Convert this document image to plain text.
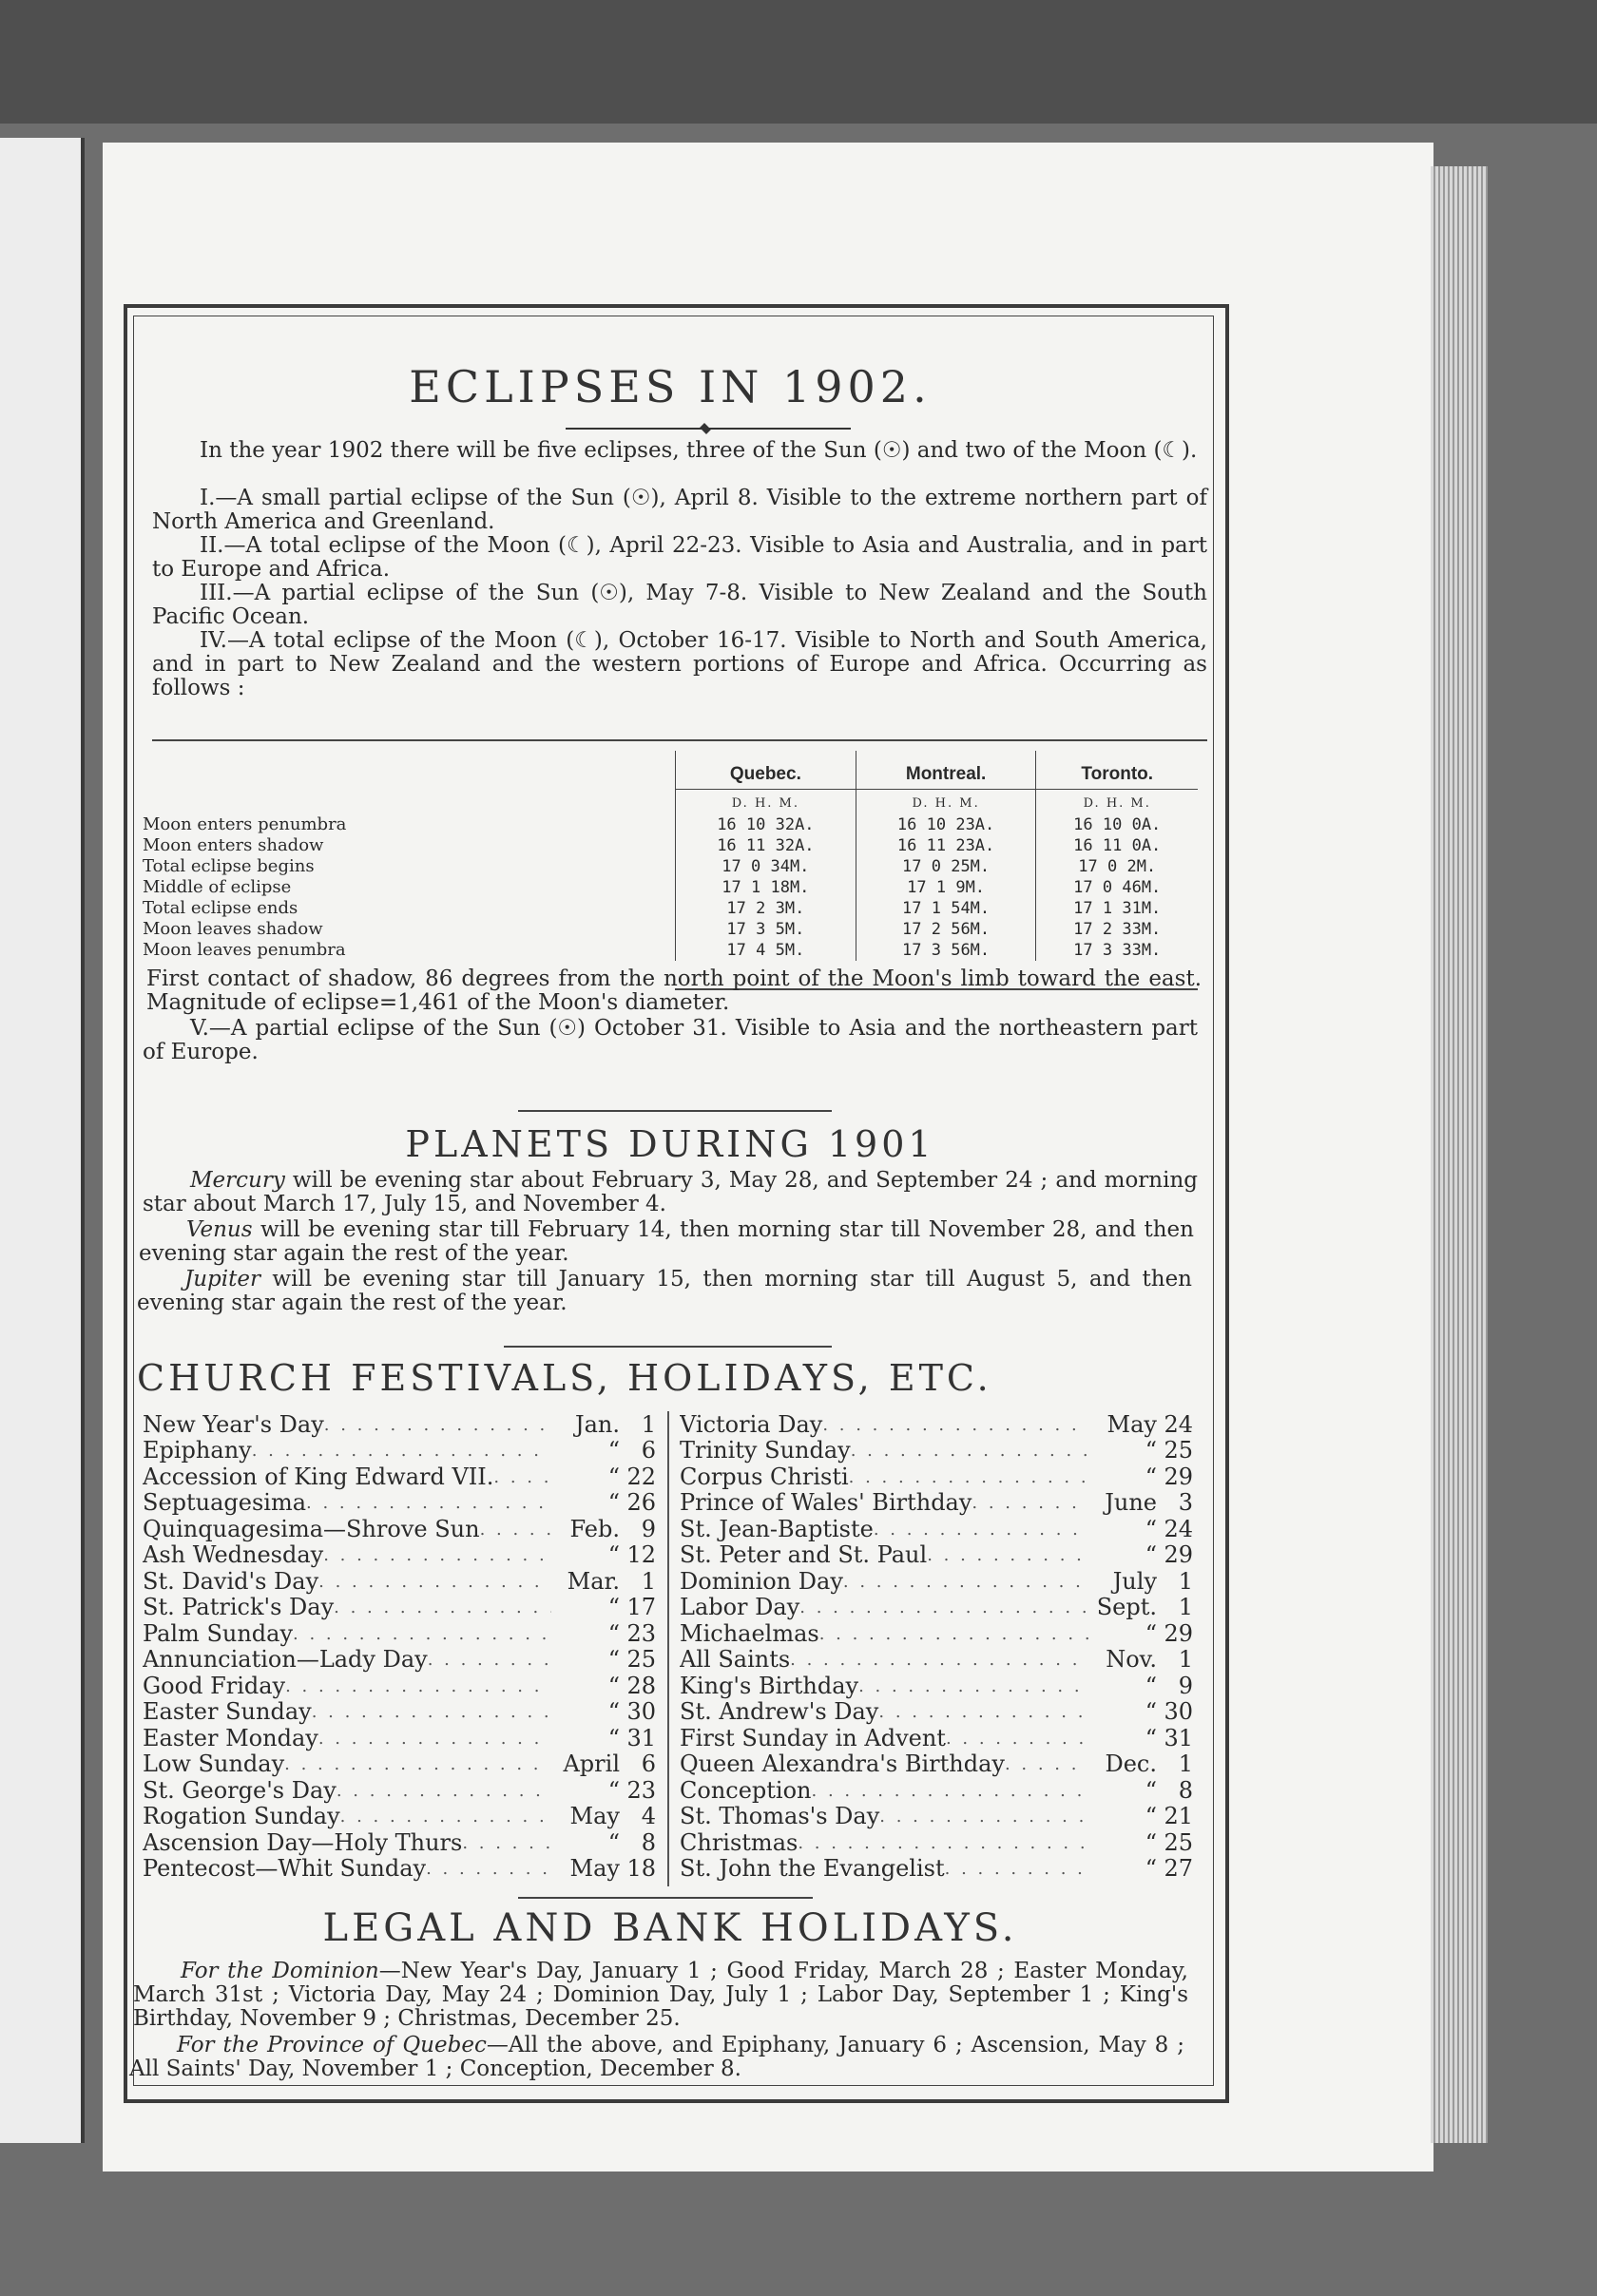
ECLIPSES IN 1902.

In the year 1902 there will be five eclipses, three of the Sun (☉) and two of the Moon (☾).

I.—A small partial eclipse of the Sun (☉), April 8. Visible to the extreme northern part of North America and Greenland.

II.—A total eclipse of the Moon (☾), April 22-23. Visible to Asia and Australia, and in part to Europe and Africa.

III.—A partial eclipse of the Sun (☉), May 7-8. Visible to New Zealand and the South Pacific Ocean.

IV.—A total eclipse of the Moon (☾), October 16-17. Visible to North and South America, and in part to New Zealand and the western portions of Europe and Africa. Occurring as follows :

	Quebec.	Montreal.	Toronto.
	D. H. M.	D. H. M.	D. H. M.
Moon enters penumbra	16 10 32A.	16 10 23A.	16 10 0A.
Moon enters shadow	16 11 32A.	16 11 23A.	16 11 0A.
Total eclipse begins	17 0 34M.	17 0 25M.	17 0 2M.
Middle of eclipse	17 1 18M.	17 1 9M.	17 0 46M.
Total eclipse ends	17 2 3M.	17 1 54M.	17 1 31M.
Moon leaves shadow	17 3 5M.	17 2 56M.	17 2 33M.
Moon leaves penumbra	17 4 5M.	17 3 56M.	17 3 33M.

First contact of shadow, 86 degrees from the north point of the Moon's limb toward the east. Magnitude of eclipse=1,461 of the Moon's diameter.

V.—A partial eclipse of the Sun (☉) October 31. Visible to Asia and the northeastern part of Europe.

PLANETS DURING 1901

Mercury will be evening star about February 3, May 28, and September 24 ; and morning star about March 17, July 15, and November 4.

Venus will be evening star till February 14, then morning star till November 28, and then evening star again the rest of the year.

Jupiter will be evening star till January 15, then morning star till August 5, and then evening star again the rest of the year.

CHURCH FESTIVALS, HOLIDAYS, ETC.
New Year's Day . . .	Jan. 1
Epiphany . . .	“ 6
Accession of King Edward VII. . . .	“ 22
Septuagesima . . .	“ 26
Quinquagesima—Shrove Sun . . .	Feb. 9
Ash Wednesday . . .	“ 12
St. David's Day . . .	Mar. 1
St. Patrick's Day . . .	“ 17
Palm Sunday . . .	“ 23
Annunciation—Lady Day . . .	“ 25
Good Friday . . .	“ 28
Easter Sunday . . .	“ 30
Easter Monday . . .	“ 31
Low Sunday . . .	April 6
St. George's Day . . .	“ 23
Rogation Sunday . . .	May 4
Ascension Day—Holy Thurs . . .	“ 8
Pentecost—Whit Sunday . . .	May 18
Victoria Day . . .	May 24
Trinity Sunday . . .	“ 25
Corpus Christi . . .	“ 29
Prince of Wales' Birthday . . .	June 3
St. Jean-Baptiste . . .	“ 24
St. Peter and St. Paul . . .	“ 29
Dominion Day . . .	July 1
Labor Day . . .	Sept. 1
Michaelmas . . .	“ 29
All Saints . . .	Nov. 1
King's Birthday . . .	“ 9
St. Andrew's Day . . .	“ 30
First Sunday in Advent . . .	“ 31
Queen Alexandra's Birthday . . .	Dec. 1
Conception . . .	“ 8
St. Thomas's Day . . .	“ 21
Christmas . . .	“ 25
St. John the Evangelist . . .	“ 27
LEGAL AND BANK HOLIDAYS.

For the Dominion—New Year's Day, January 1 ; Good Friday, March 28 ; Easter Monday, March 31st ; Victoria Day, May 24 ; Dominion Day, July 1 ; Labor Day, September 1 ; King's Birthday, November 9 ; Christmas, December 25.

For the Province of Quebec—All the above, and Epiphany, January 6 ; Ascension, May 8 ; All Saints' Day, November 1 ; Conception, December 8.
